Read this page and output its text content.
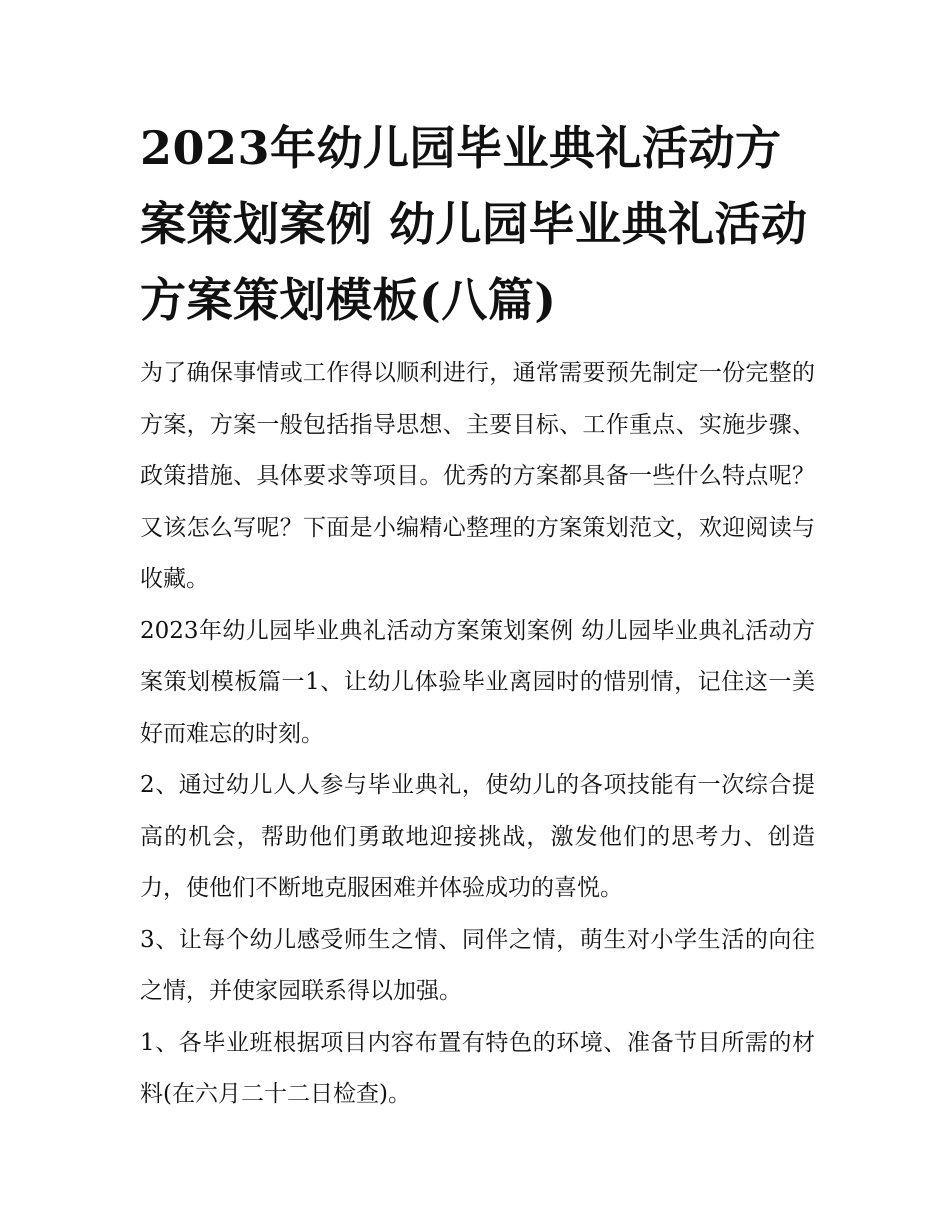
2023年幼儿园毕业典礼活动方案策划案例 幼儿园毕业典礼活动方案策划模板(八篇)

为了确保事情或工作得以顺利进行，通常需要预先制定一份完整的方案，方案一般包括指导思想、主要目标、工作重点、实施步骤、政策措施、具体要求等项目。优秀的方案都具备一些什么特点呢？又该怎么写呢？下面是小编精心整理的方案策划范文，欢迎阅读与收藏。

2023年幼儿园毕业典礼活动方案策划案例 幼儿园毕业典礼活动方案策划模板篇一1、让幼儿体验毕业离园时的惜别情，记住这一美好而难忘的时刻。

2、通过幼儿人人参与毕业典礼，使幼儿的各项技能有一次综合提高的机会，帮助他们勇敢地迎接挑战，激发他们的思考力、创造力，使他们不断地克服困难并体验成功的喜悦。

3、让每个幼儿感受师生之情、同伴之情，萌生对小学生活的向往之情，并使家园联系得以加强。

1、各毕业班根据项目内容布置有特色的环境、准备节目所需的材料(在六月二十二日检查)。
